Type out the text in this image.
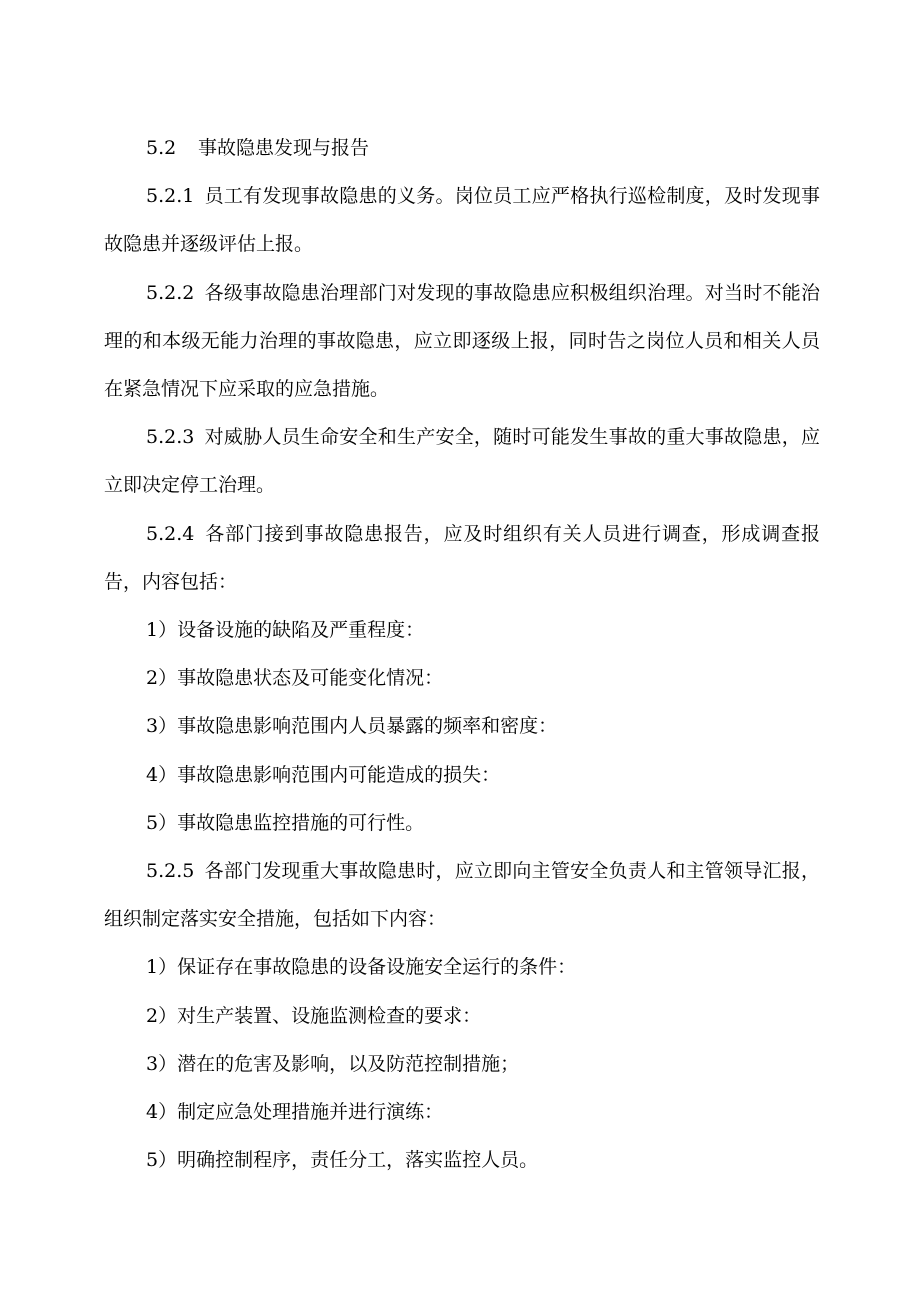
5.2 事故隐患发现与报告

5.2.1 员工有发现事故隐患的义务。岗位员工应严格执行巡检制度，及时发现事故隐患并逐级评估上报。

5.2.2 各级事故隐患治理部门对发现的事故隐患应积极组织治理。对当时不能治理的和本级无能力治理的事故隐患，应立即逐级上报，同时告之岗位人员和相关人员在紧急情况下应采取的应急措施。

5.2.3 对威胁人员生命安全和生产安全，随时可能发生事故的重大事故隐患，应立即决定停工治理。

5.2.4 各部门接到事故隐患报告，应及时组织有关人员进行调查，形成调查报告，内容包括：

1）设备设施的缺陷及严重程度：

2）事故隐患状态及可能变化情况：

3）事故隐患影响范围内人员暴露的频率和密度：

4）事故隐患影响范围内可能造成的损失：

5）事故隐患监控措施的可行性。

5.2.5 各部门发现重大事故隐患时，应立即向主管安全负责人和主管领导汇报，组织制定落实安全措施，包括如下内容：

1）保证存在事故隐患的设备设施安全运行的条件：

2）对生产装置、设施监测检查的要求：

3）潜在的危害及影响，以及防范控制措施；

4）制定应急处理措施并进行演练：

5）明确控制程序，责任分工，落实监控人员。
